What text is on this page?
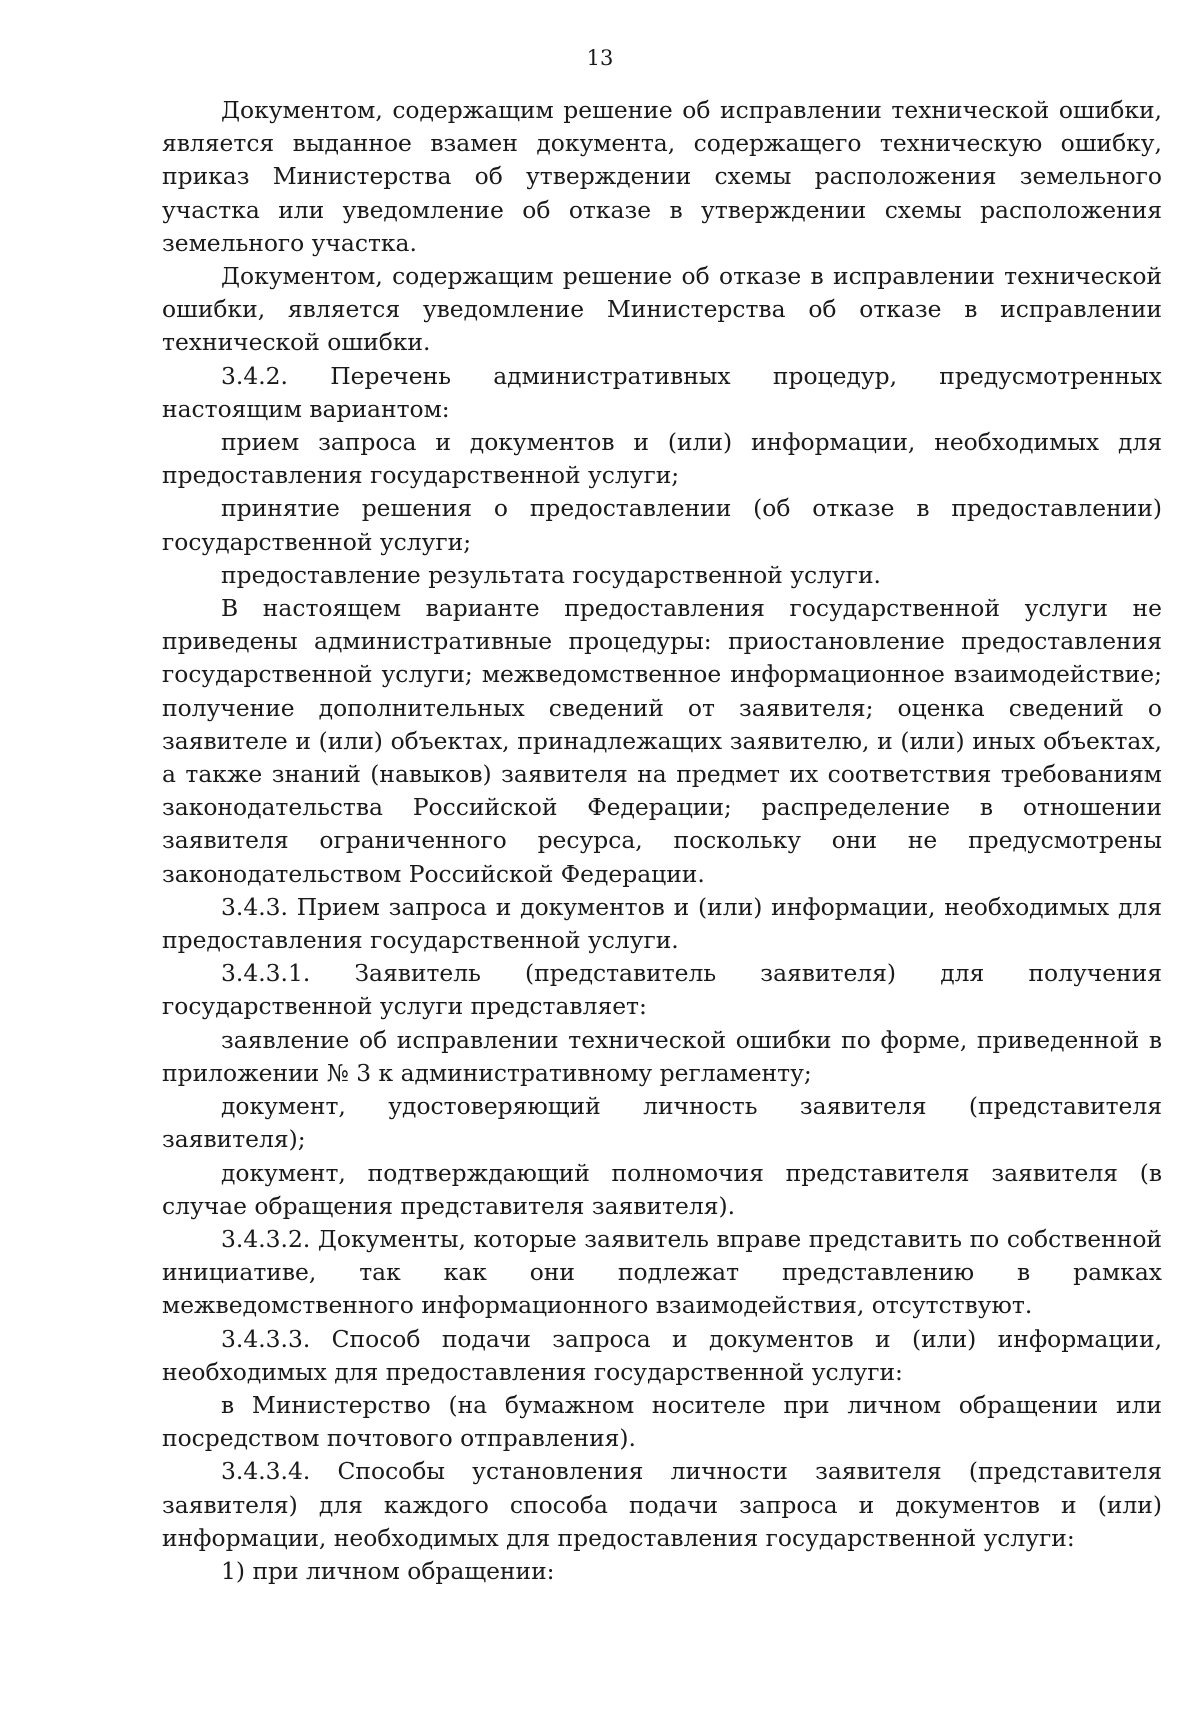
13

Документом, содержащим решение об исправлении технической ошибки, является выданное взамен документа, содержащего техническую ошибку, приказ Министерства об утверждении схемы расположения земельного участка или уведомление об отказе в утверждении схемы расположения земельного участка.

Документом, содержащим решение об отказе в исправлении технической ошибки, является уведомление Министерства об отказе в исправлении технической ошибки.

3.4.2. Перечень административных процедур, предусмотренных настоящим вариантом:

прием запроса и документов и (или) информации, необходимых для предоставления государственной услуги;

принятие решения о предоставлении (об отказе в предоставлении) государственной услуги;

предоставление результата государственной услуги.

В настоящем варианте предоставления государственной услуги не приведены административные процедуры: приостановление предоставления государственной услуги; межведомственное информационное взаимодействие; получение дополнительных сведений от заявителя; оценка сведений о заявителе и (или) объектах, принадлежащих заявителю, и (или) иных объектах, а также знаний (навыков) заявителя на предмет их соответствия требованиям законодательства Российской Федерации; распределение в отношении заявителя ограниченного ресурса, поскольку они не предусмотрены законодательством Российской Федерации.

3.4.3. Прием запроса и документов и (или) информации, необходимых для предоставления государственной услуги.

3.4.3.1. Заявитель (представитель заявителя) для получения государственной услуги представляет:

заявление об исправлении технической ошибки по форме, приведенной в приложении № 3 к административному регламенту;

документ, удостоверяющий личность заявителя (представителя заявителя);

документ, подтверждающий полномочия представителя заявителя (в случае обращения представителя заявителя).

3.4.3.2. Документы, которые заявитель вправе представить по собственной инициативе, так как они подлежат представлению в рамках межведомственного информационного взаимодействия, отсутствуют.

3.4.3.3. Способ подачи запроса и документов и (или) информации, необходимых для предоставления государственной услуги:

в Министерство (на бумажном носителе при личном обращении или посредством почтового отправления).

3.4.3.4. Способы установления личности заявителя (представителя заявителя) для каждого способа подачи запроса и документов и (или) информации, необходимых для предоставления государственной услуги:

1) при личном обращении:
